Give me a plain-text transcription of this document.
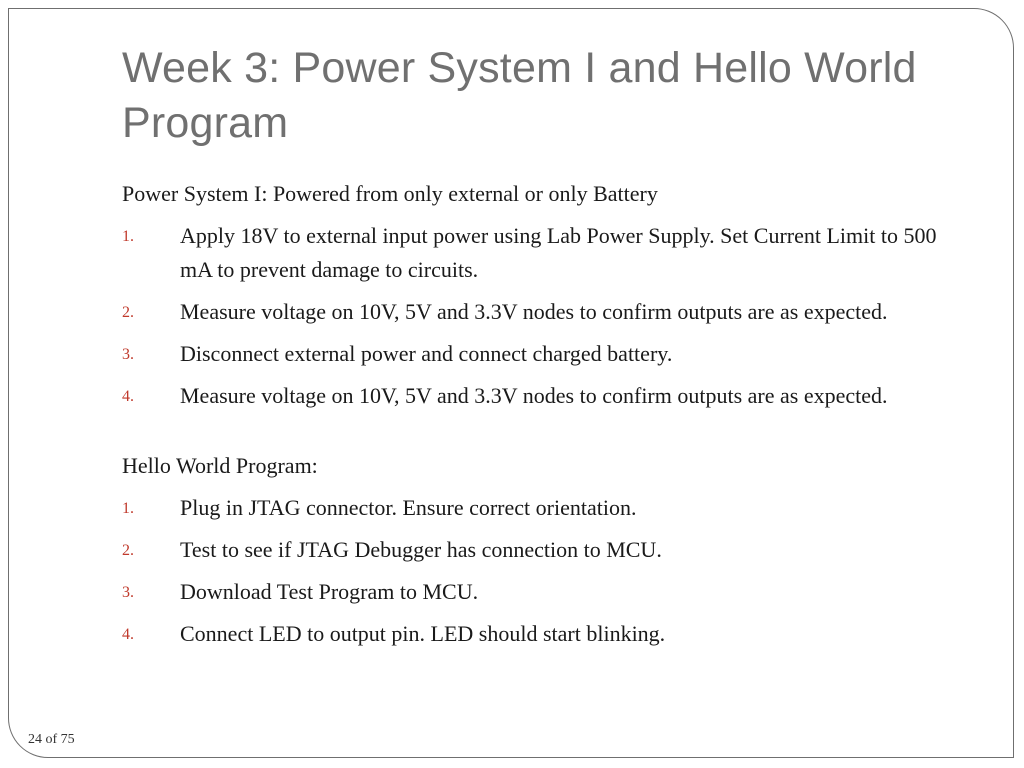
Week 3: Power System I and Hello World Program

Power System I: Powered from only external or only Battery

1.	Apply 18V to external input power using Lab Power Supply. Set Current Limit to 500 mA to prevent damage to circuits.
2.	Measure voltage on 10V, 5V and 3.3V nodes to confirm outputs are as expected.
3.	Disconnect external power and connect charged battery.
4.	Measure voltage on 10V, 5V and 3.3V nodes to confirm outputs are as expected.

Hello World Program:

1.	Plug in JTAG connector. Ensure correct orientation.
2.	Test to see if JTAG Debugger has connection to MCU.
3.	Download Test Program to MCU.
4.	Connect LED to output pin. LED should start blinking.
24 of 75
